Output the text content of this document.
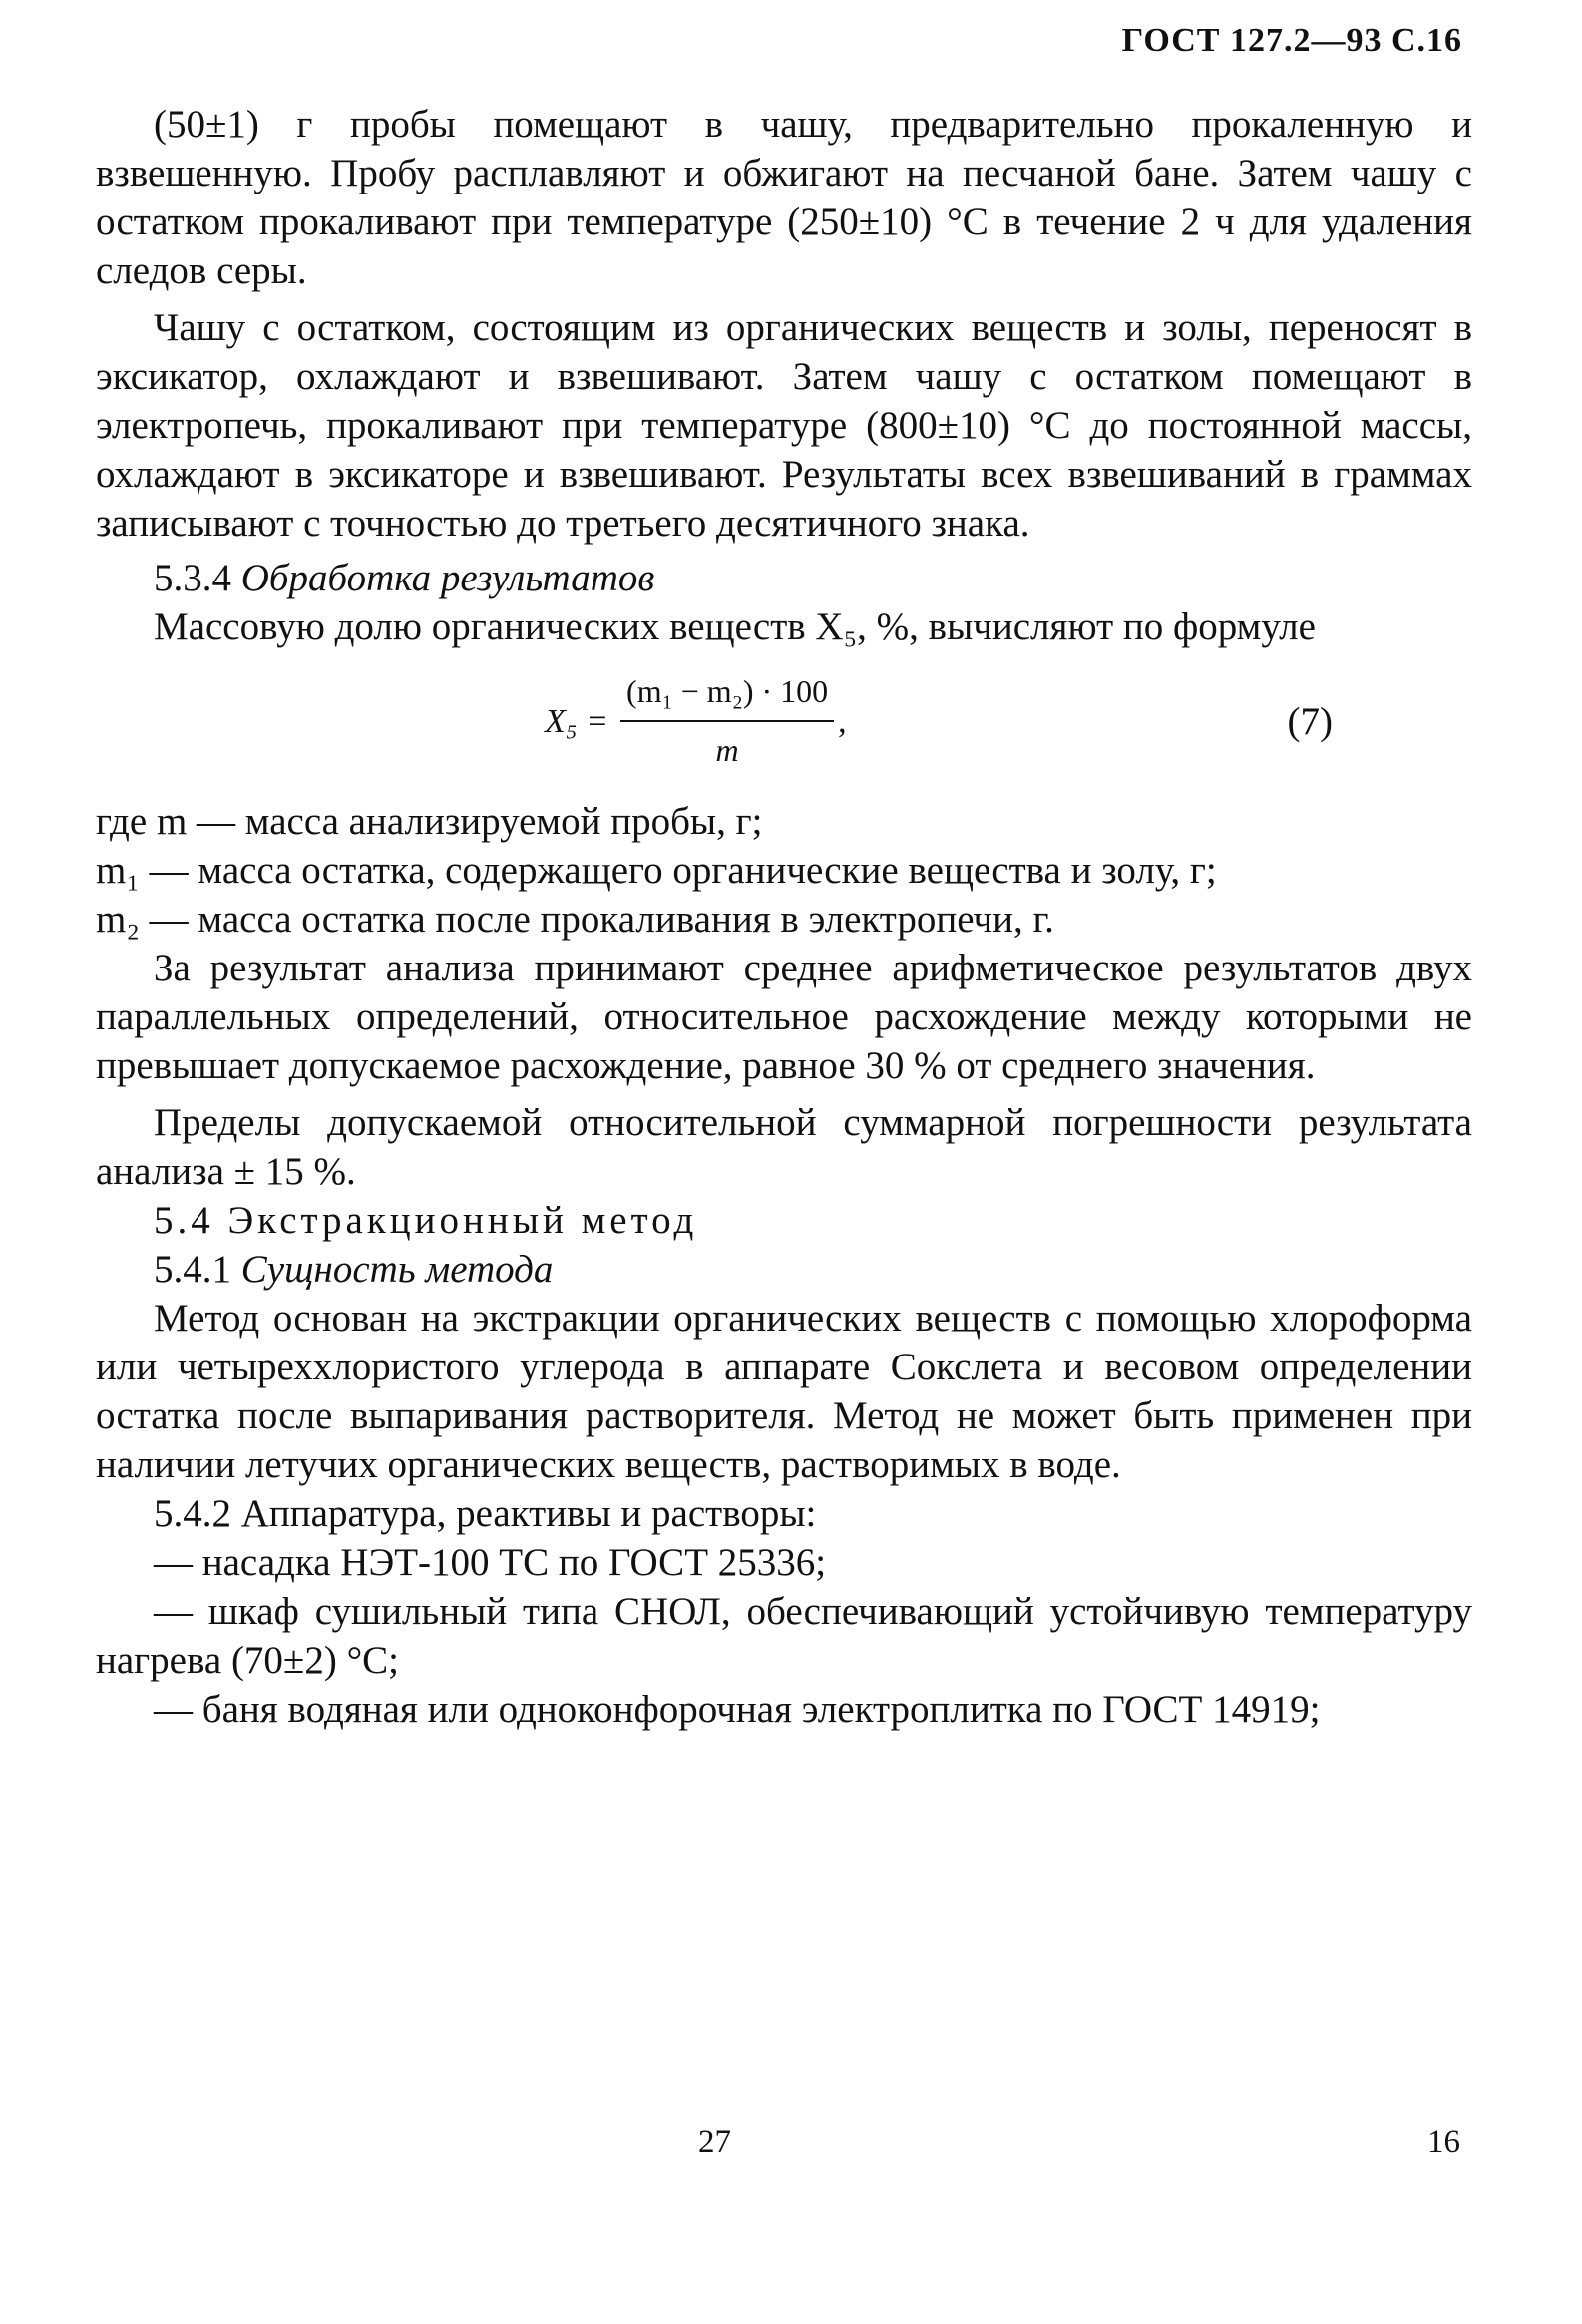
ГОСТ 127.2—93 С.16

(50±1) г пробы помещают в чашу, предварительно прокаленную и взвешенную. Пробу расплавляют и обжигают на песчаной бане. Затем чашу с остатком прокаливают при температуре (250±10) °С в течение 2 ч для удаления следов серы.

Чашу с остатком, состоящим из органических веществ и золы, переносят в эксикатор, охлаждают и взвешивают. Затем чашу с остатком помещают в электропечь, прокаливают при температуре (800±10) °С до постоянной массы, охлаждают в эксикаторе и взвешивают. Результаты всех взвешиваний в граммах записывают с точностью до третьего десятичного знака.

5.3.4 Обработка результатов

Массовую долю органических веществ X₅, %, вычисляют по формуле

$X_5 = \frac{\text{(m₁ − m₂) · 100}}{m}$ ,	(7)

где m — масса анализируемой пробы, г;

m₁ — масса остатка, содержащего органические вещества и золу, г;

m₂ — масса остатка после прокаливания в электропечи, г.

За результат анализа принимают среднее арифметическое результатов двух параллельных определений, относительное расхождение между которыми не превышает допускаемое расхождение, равное 30 % от среднего значения.

Пределы допускаемой относительной суммарной погрешности результата анализа ± 15 %.

5.4 Экстракционный метод

5.4.1 Сущность метода

Метод основан на экстракции органических веществ с помощью хлороформа или четыреххлористого углерода в аппарате Сокслета и весовом определении остатка после выпаривания растворителя. Метод не может быть применен при наличии летучих органических веществ, растворимых в воде.

5.4.2 Аппаратура, реактивы и растворы:

— насадка НЭТ-100 ТС по ГОСТ 25336;

— шкаф сушильный типа СНОЛ, обеспечивающий устойчивую температуру нагрева (70±2) °С;

— баня водяная или одноконфорочная электроплитка по ГОСТ 14919;

27	16
